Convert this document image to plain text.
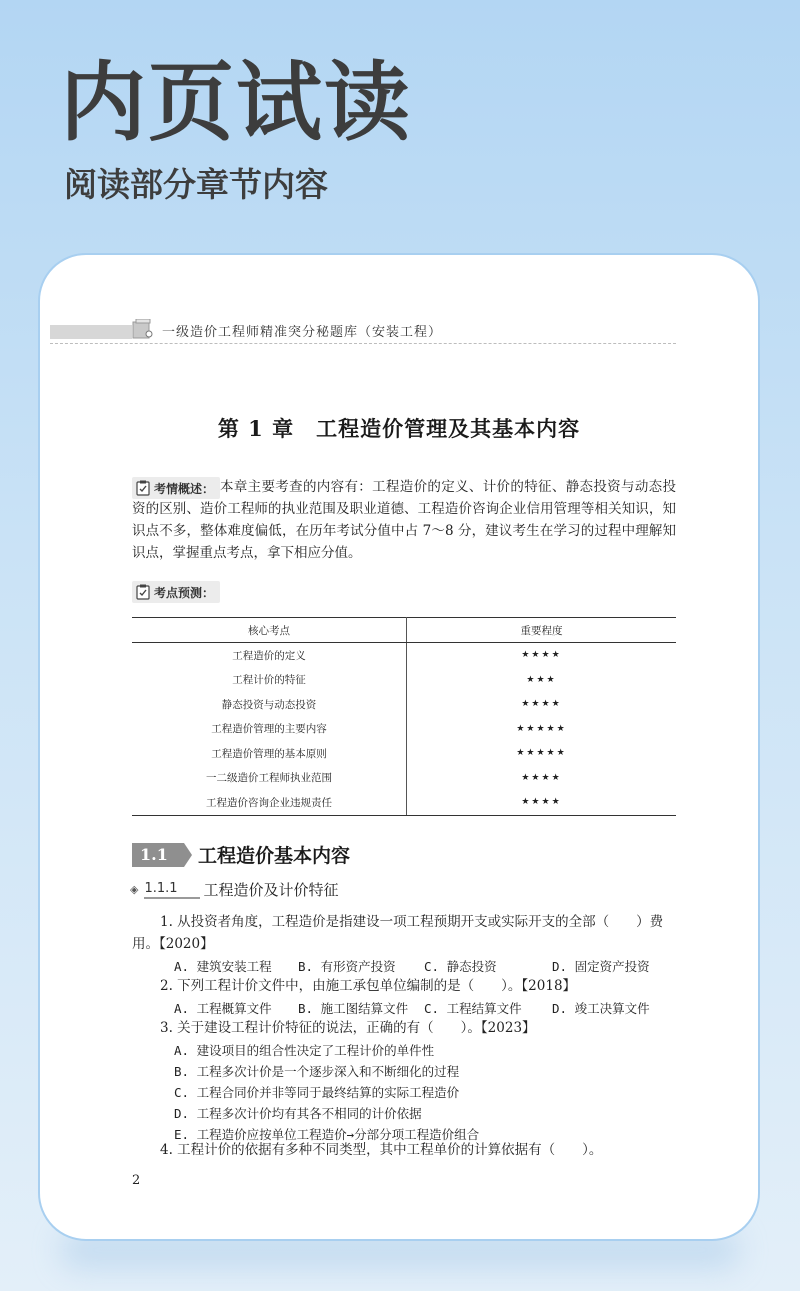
内页试读
阅读部分章节内容
一级造价工程师精准突分秘题库（安装工程）
第 1 章　工程造价管理及其基本内容
本章主要考查的内容有：工程造价的定义、计价的特征、静态投资与动态投资的区别、造价工程师的执业范围及职业道德、工程造价咨询企业信用管理等相关知识，知识点不多，整体难度偏低，在历年考试分值中占 7～8 分，建议考生在学习的过程中理解知识点，掌握重点考点，拿下相应分值。
考情概述：
考点预测：
核心考点	重要程度
工程造价的定义	★★★★
工程计价的特征	★★★
静态投资与动态投资	★★★★
工程造价管理的主要内容	★★★★★
工程造价管理的基本原则	★★★★★
一二级造价工程师执业范围	★★★★
工程造价咨询企业违规责任	★★★★
1.1	工程造价基本内容
◈ 1.1.1	工程造价及计价特征
1. 从投资者角度，工程造价是指建设一项工程预期开支或实际开支的全部（　　）费用。【2020】
A. 建筑安装工程 B. 有形资产投资 C. 静态投资	D. 固定资产投资
2. 下列工程计价文件中，由施工承包单位编制的是（　　）。【2018】
A. 工程概算文件 B. 施工图结算文件 C. 工程结算文件 D. 竣工决算文件
3. 关于建设工程计价特征的说法，正确的有（　　）。【2023】
A. 建设项目的组合性决定了工程计价的单件性
B. 工程多次计价是一个逐步深入和不断细化的过程
C. 工程合同价并非等同于最终结算的实际工程造价
D. 工程多次计价均有其各不相同的计价依据
E. 工程造价应按单位工程造价→分部分项工程造价组合
4. 工程计价的依据有多种不同类型，其中工程单价的计算依据有（　　）。
2
